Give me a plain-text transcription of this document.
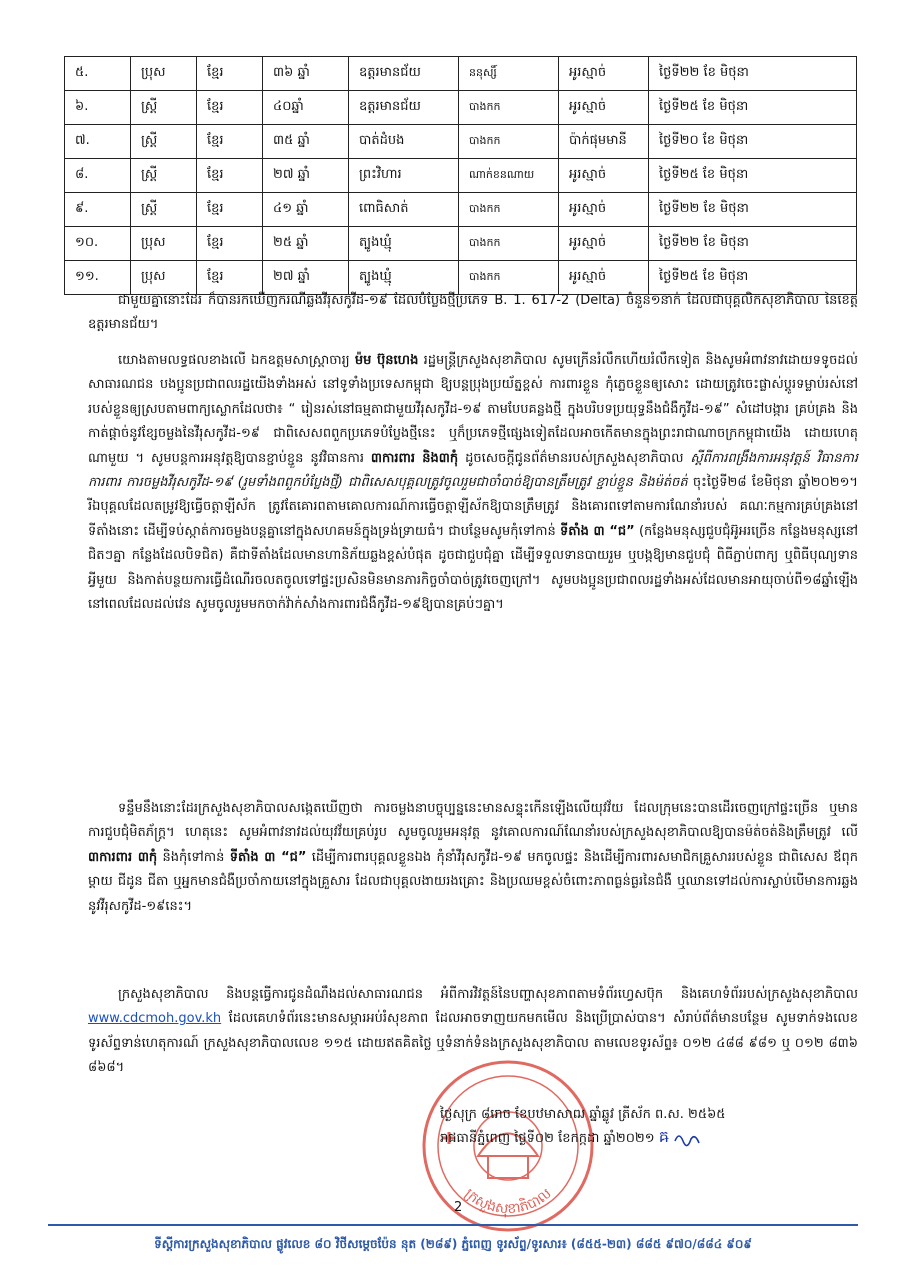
៥.	ប្រុស	ខ្មែរ	៣៦ ឆ្នាំ	ឧត្តរមានជ័យ	ននុស្សិ៍	អូរស្មាច់	ថ្ងៃទី២២ ខែ មិថុនា
៦.	ស្ត្រី	ខ្មែរ	៤០ឆ្នាំ	ឧត្តរមានជ័យ	បាងកក	អូរស្មាច់	ថ្ងៃទី២៥ ខែ មិថុនា
៧.	ស្ត្រី	ខ្មែរ	៣៥ ឆ្នាំ	បាត់ដំបង	បាងកក	ប៉ាក់ផុមមានី	ថ្ងៃទី២០ ខែ មិថុនា
៨.	ស្ត្រី	ខ្មែរ	២៧ ឆ្នាំ	ព្រះវិហារ	ណាក់ខនណាយ	អូរស្មាច់	ថ្ងៃទី២៥ ខែ មិថុនា
៩.	ស្ត្រី	ខ្មែរ	៤១ ឆ្នាំ	ពោធិសាត់	បាងកក	អូរស្មាច់	ថ្ងៃទី២២ ខែ មិថុនា
១០.	ប្រុស	ខ្មែរ	២៥ ឆ្នាំ	ត្បូងឃ្មុំ	បាងកក	អូរស្មាច់	ថ្ងៃទី២២ ខែ មិថុនា
១១.	ប្រុស	ខ្មែរ	២៧ ឆ្នាំ	ត្បូងឃ្មុំ	បាងកក	អូរស្មាច់	ថ្ងៃទី២៥ ខែ មិថុនា

ជាមួយគ្នានោះដែរ ក៏បានរកឃើញករណីឆ្លងវីរុសកូវីដ-១៩ ដែលបំប្លែងថ្មីប្រភេទ B. 1. 617-2 (Delta) ចំនួន១នាក់ ដែលជាបុគ្គលិកសុខាភិបាល នៃខេត្តឧត្តរមានជ័យ។

យោងតាមលទ្ធផលខាងលើ ឯកឧត្តមសាស្ត្រាចារ្យ ម៉ម ប៊ុនហេង រដ្ឋមន្ត្រីក្រសួងសុខាភិបាល សូមក្រើនរំលឹកហើយរំលឹកទៀត និងសូមអំពាវនាវដោយទទូចដល់សាធារណជន បងប្អូនប្រជាពលរដ្ឋយើងទាំងអស់ នៅទូទាំងប្រទេសកម្ពុជា ឱ្យបន្តប្រុងប្រយ័ត្នខ្ពស់ ការពារខ្លួន កុំភ្លេចខ្លួនឲ្យសោះ ដោយត្រូវចេះផ្លាស់ប្តូរទម្លាប់រស់នៅរបស់ខ្លួនឲ្យស្របតាមពាក្យស្លោកដែលថា៖ “ រៀនរស់នៅធម្មតាជាមួយវីរុសកូវីដ-១៩ តាមបែបគន្លងថ្មី ក្នុងបរិបទប្រយុទ្ធនឹងជំងឺកូវីដ-១៩” សំដៅបង្ការ គ្រប់គ្រង និងកាត់ផ្តាច់នូវខ្សែចម្លងនៃវីរុសកូវីដ-១៩ ជាពិសេសពពួកប្រភេទបំប្លែងថ្មីនេះ ឬក៏ប្រភេទថ្មីផ្សេងទៀតដែលអាចកើតមានក្នុងព្រះរាជាណាចក្រកម្ពុជាយើង ដោយហេតុណាមួយ ។ សូមបន្តការអនុវត្តឱ្យបានខ្ជាប់ខ្ជួន នូវវិធានការ ៣ការពារ និង៣កុំ ដូចសេចក្តីជូនព័ត៌មានរបស់ក្រសួងសុខាភិបាល ស្តីពីការពង្រឹងការអនុវត្តន៍ វិធានការការពារ ការចម្លងវីរុសកូវីដ-១៩ (រួមទាំងពពួកបំប្លែងថ្មី) ជាពិសេសបុគ្គលត្រូវចូលរួមជាចាំបាច់ឱ្យបានត្រឹមត្រូវ ខ្ជាប់ខ្ជួន និងម៉ត់ចត់ ចុះថ្ងៃទី២៨ ខែមិថុនា ឆ្នាំ២០២១។ រីឯបុគ្គលដែលតម្រូវឱ្យធ្វើចត្តាឡីស័ក ត្រូវតែគោរពតាមគោលការណ៍ការធ្វើចត្តាឡីស័កឱ្យបានត្រឹមត្រូវ និងគោរពទៅតាមការណែនាំរបស់ គណៈកម្មការគ្រប់គ្រងនៅទីតាំងនោះ ដើម្បីទប់ស្កាត់ការចម្លងបន្តគ្នានៅក្នុងសហគមន៍ក្នុងទ្រង់ទ្រាយធំ។ ជាបន្ថែមសូមកុំទៅកាន់ ទីតាំង ៣ “ជ” (កន្លែងមនុស្សជួបជុំអ៊ូអរច្រើន កន្លែងមនុស្សនៅជិតៗគ្នា កន្លែងដែលបិទជិត) គឺជាទីតាំងដែលមានហានិភ័យឆ្លងខ្ពស់បំផុត ដូចជាជួបជុំគ្នា ដើម្បីទទួលទានបាយរួម ឬបង្កឱ្យមានជួបជុំ ពិធីភ្ជាប់ពាក្យ ឬពិធីបុណ្យទានអ្វីមួយ និងកាត់បន្ថយការធ្វើដំណើរចលតចូលទៅផ្ទះប្រសិនមិនមានភារកិច្ចចាំបាច់ត្រូវចេញក្រៅ។ សូមបងប្អូនប្រជាពលរដ្ឋទាំងអស់ដែលមានអាយុចាប់ពី១៨ឆ្នាំឡើង នៅពេលដែលដល់វេន សូមចូលរួមមកចាក់វ៉ាក់សាំងការពារជំងឺកូវីដ-១៩ឱ្យបានគ្រប់ៗគ្នា។

ទន្ទឹមនឹងនោះដែរក្រសួងសុខាភិបាលសង្កេតឃើញថា ការចម្លងនាបច្ចុប្បន្ននេះមានសន្ទុះកើនឡើងលើយុវវ័យ ដែលក្រុមនេះបានដើរចេញក្រៅផ្ទះច្រើន ឬមានការជួបជុំមិតភ័ក្រ្ត។ ហេតុនេះ សូមអំពាវនាវដល់យុវវ័យគ្រប់រូប សូមចូលរួមអនុវត្ត នូវគោលការណ៍ណែនាំរបស់ក្រសួងសុខាភិបាលឱ្យបានម៉ត់ចត់និងត្រឹមត្រូវ លើ ៣ការពារ ៣កុំ និងកុំទៅកាន់ ទីតាំង ៣ “ជ” ដើម្បីការពារបុគ្គលខ្លួនឯង កុំនាំវីរុសកូវីដ-១៩ មកចូលផ្ទះ និងដើម្បីការពារសមាជិកគ្រួសាររបស់ខ្លួន ជាពិសេស ឪពុកម្តាយ ជីដូន ជីតា ឬអ្នកមានជំងឺប្រចាំកាយនៅក្នុងគ្រួសារ ដែលជាបុគ្គលងាយរងគ្រោះ និងប្រឈមខ្ពស់ចំពោះភាពធ្ងន់ធ្ងរនៃជំងឺ ឬឈានទៅដល់ការស្លាប់បើមានការឆ្លងនូវវីរុសកូវីដ-១៩នេះ។

ក្រសួងសុខាភិបាល និងបន្តធ្វើការជូនដំណឹងដល់សាធារណជន អំពីការវិវត្តន៍នៃបញ្ហាសុខភាពតាមទំព័រហ្វេសប៊ុក និងគេហទំព័ររបស់ក្រសួងសុខាភិបាល www.cdcmoh.gov.kh ដែលគេហទំព័រនេះមានសម្ភារអប់រំសុខភាព ដែលអាចទាញយកមកមើល និងប្រើប្រាស់បាន។ សំរាប់ព័ត៌មានបន្ថែម សូមទាក់ទងលេខទូរស័ព្ទទាន់ហេតុការណ៍ ក្រសួងសុខាភិបាលលេខ ១១៥ ដោយឥតគិតថ្លៃ ឬទំនាក់ទំនងក្រសួងសុខាភិបាល តាមលេខទូរស័ព្ទ៖ ០១២ ៤៨៨ ៩៨១ ឬ ០១២ ៨៣៦ ៨៦៨។

ក្រសួងសុខាភិបាល
ថ្ងៃសុក្រ ៨រោច ខែបឋមាសាឍ ឆ្នាំឆ្លូវ ត្រីស័ក ព.ស. ២៥៦៥
រាជធានីភ្នំពេញ ថ្ងៃទី០២ ខែកក្កដា ឆ្នាំ២០២១ ឝ
2
ទីស្តីការក្រសួងសុខាភិបាល ផ្លូវលេខ ៨០ វិថីសម្តេចប៉ែន នុត (២៨៩) ភ្នំពេញ ទូរស័ព្ទ/ទូរសារ៖ (៨៥៥-២៣) ៨៨៥ ៩៧០/៨៨៤ ៩០៩
